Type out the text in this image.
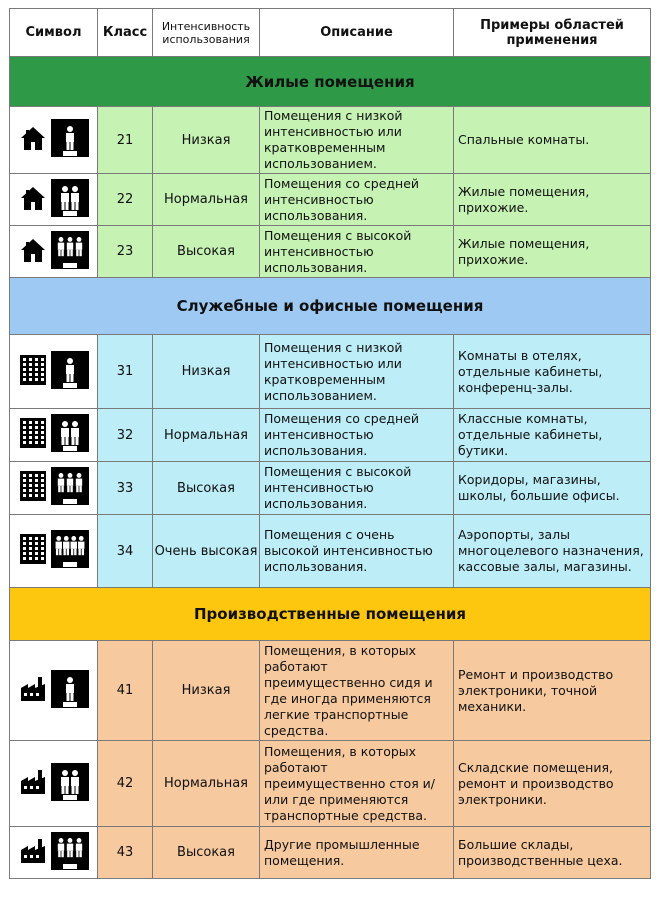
Символ	Класс	Интенсивность использования	Описание	Примеры областей применения
Жилые помещения				

	21	Низкая	Помещения с низкой интенсивностью или кратковременным использованием.	Спальные комнаты.

	22	Нормальная	Помещения со средней интенсивностью использования.	Жилые помещения, прихожие.

	23	Высокая	Помещения с высокой интенсивностью использования.	Жилые помещения, прихожие.
Служебные и офисные помещения				

	31	Низкая	Помещения с низкой интенсивностью или кратковременным использованием.	Комнаты в отелях, отдельные кабинеты, конференц-залы.

	32	Нормальная	Помещения со средней интенсивностью использования.	Классные комнаты, отдельные кабинеты, бутики.

	33	Высокая	Помещения с высокой интенсивностью использования.	Коридоры, магазины, школы, большие офисы.

	34	Очень высокая	Помещения с очень высокой интенсивностью использования.	Аэропорты, залы многоцелевого назначения, кассовые залы, магазины.
Производственные помещения				

	41	Низкая	Помещения, в которых работают преимущественно сидя и где иногда применяются легкие транспортные средства.	Ремонт и производство электроники, точной механики.

	42	Нормальная	Помещения, в которых работают преимущественно стоя и/или где применяются транспортные средства.	Складские помещения, ремонт и производство электроники.

	43	Высокая	Другие промышленные помещения.	Большие склады, производственные цеха.
